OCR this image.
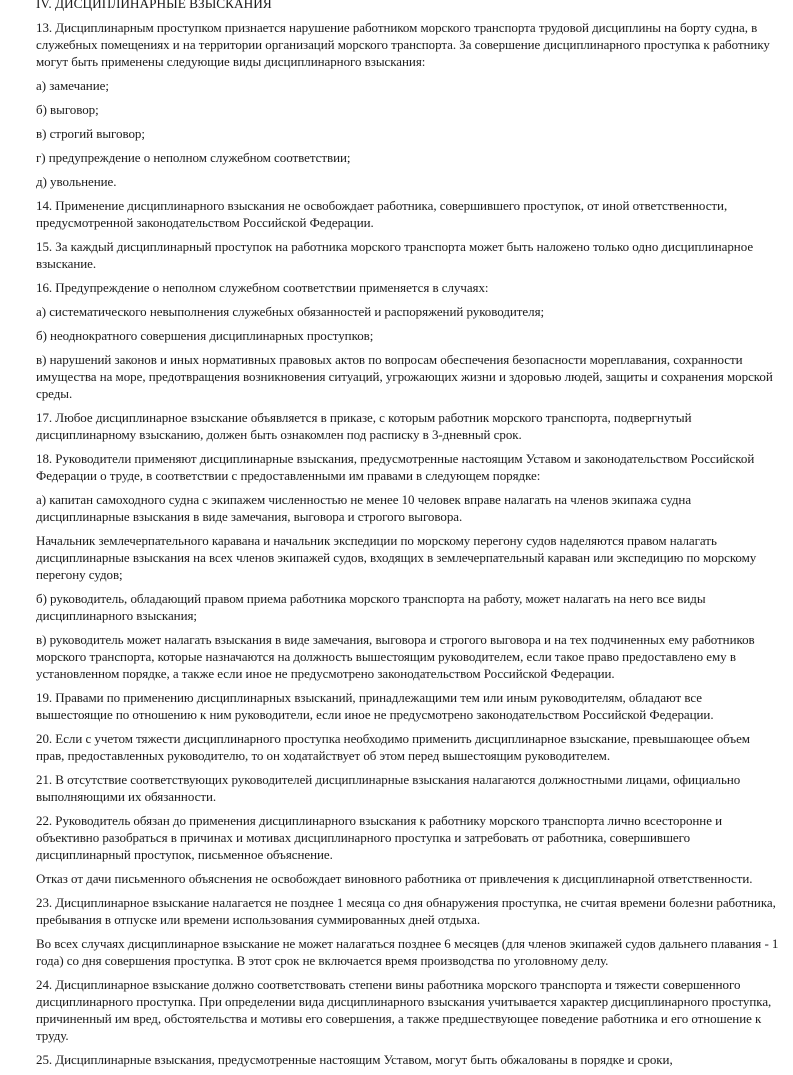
IV. ДИСЦИПЛИНАРНЫЕ ВЗЫСКАНИЯ

13. Дисциплинарным проступком признается нарушение работником морского транспорта трудовой дисциплины на борту судна, в служебных помещениях и на территории организаций морского транспорта. За совершение дисциплинарного проступка к работнику могут быть применены следующие виды дисциплинарного взыскания:

а) замечание;

б) выговор;

в) строгий выговор;

г) предупреждение о неполном служебном соответствии;

д) увольнение.

14. Применение дисциплинарного взыскания не освобождает работника, совершившего проступок, от иной ответственности, предусмотренной законодательством Российской Федерации.

15. За каждый дисциплинарный проступок на работника морского транспорта может быть наложено только одно дисциплинарное взыскание.

16. Предупреждение о неполном служебном соответствии применяется в случаях:

а) систематического невыполнения служебных обязанностей и распоряжений руководителя;

б) неоднократного совершения дисциплинарных проступков;

в) нарушений законов и иных нормативных правовых актов по вопросам обеспечения безопасности мореплавания, сохранности имущества на море, предотвращения возникновения ситуаций, угрожающих жизни и здоровью людей, защиты и сохранения морской среды.

17. Любое дисциплинарное взыскание объявляется в приказе, с которым работник морского транспорта, подвергнутый дисциплинарному взысканию, должен быть ознакомлен под расписку в 3-дневный срок.

18. Руководители применяют дисциплинарные взыскания, предусмотренные настоящим Уставом и законодательством Российской Федерации о труде, в соответствии с предоставленными им правами в следующем порядке:

а) капитан самоходного судна с экипажем численностью не менее 10 человек вправе налагать на членов экипажа судна дисциплинарные взыскания в виде замечания, выговора и строгого выговора.

Начальник землечерпательного каравана и начальник экспедиции по морскому перегону судов наделяются правом налагать дисциплинарные взыскания на всех членов экипажей судов, входящих в землечерпательный караван или экспедицию по морскому перегону судов;

б) руководитель, обладающий правом приема работника морского транспорта на работу, может налагать на него все виды дисциплинарного взыскания;

в) руководитель может налагать взыскания в виде замечания, выговора и строгого выговора и на тех подчиненных ему работников морского транспорта, которые назначаются на должность вышестоящим руководителем, если такое право предоставлено ему в установленном порядке, а также если иное не предусмотрено законодательством Российской Федерации.

19. Правами по применению дисциплинарных взысканий, принадлежащими тем или иным руководителям, обладают все вышестоящие по отношению к ним руководители, если иное не предусмотрено законодательством Российской Федерации.

20. Если с учетом тяжести дисциплинарного проступка необходимо применить дисциплинарное взыскание, превышающее объем прав, предоставленных руководителю, то он ходатайствует об этом перед вышестоящим руководителем.

21. В отсутствие соответствующих руководителей дисциплинарные взыскания налагаются должностными лицами, официально выполняющими их обязанности.

22. Руководитель обязан до применения дисциплинарного взыскания к работнику морского транспорта лично всесторонне и объективно разобраться в причинах и мотивах дисциплинарного проступка и затребовать от работника, совершившего дисциплинарный проступок, письменное объяснение.

Отказ от дачи письменного объяснения не освобождает виновного работника от привлечения к дисциплинарной ответственности.

23. Дисциплинарное взыскание налагается не позднее 1 месяца со дня обнаружения проступка, не считая времени болезни работника, пребывания в отпуске или времени использования суммированных дней отдыха.

Во всех случаях дисциплинарное взыскание не может налагаться позднее 6 месяцев (для членов экипажей судов дальнего плавания - 1 года) со дня совершения проступка. В этот срок не включается время производства по уголовному делу.

24. Дисциплинарное взыскание должно соответствовать степени вины работника морского транспорта и тяжести совершенного дисциплинарного проступка. При определении вида дисциплинарного взыскания учитывается характер дисциплинарного проступка, причиненный им вред, обстоятельства и мотивы его совершения, а также предшествующее поведение работника и его отношение к труду.

25. Дисциплинарные взыскания, предусмотренные настоящим Уставом, могут быть обжалованы в порядке и сроки,
